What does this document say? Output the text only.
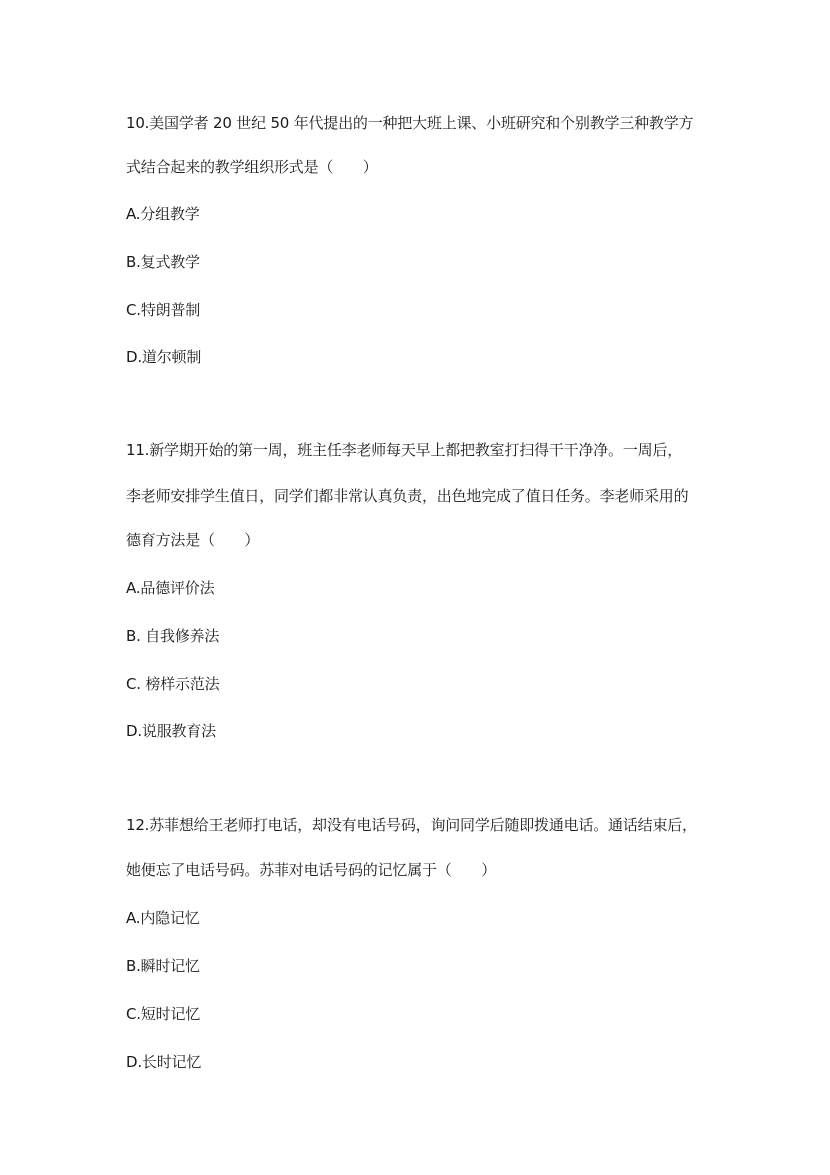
10.美国学者 20 世纪 50 年代提出的一种把大班上课、小班研究和个别教学三种教学方
式结合起来的教学组织形式是（　　）
A.分组教学
B.复式教学
C.特朗普制
D.道尔顿制
11.新学期开始的第一周，班主任李老师每天早上都把教室打扫得干干净净。一周后，
李老师安排学生值日，同学们都非常认真负责，出色地完成了值日任务。李老师采用的
德育方法是（　　）
A.品德评价法
B. 自我修养法
C. 榜样示范法
D.说服教育法
12.苏菲想给王老师打电话，却没有电话号码，询问同学后随即拨通电话。通话结束后，
她便忘了电话号码。苏菲对电话号码的记忆属于（　　）
A.内隐记忆
B.瞬时记忆
C.短时记忆
D.长时记忆
